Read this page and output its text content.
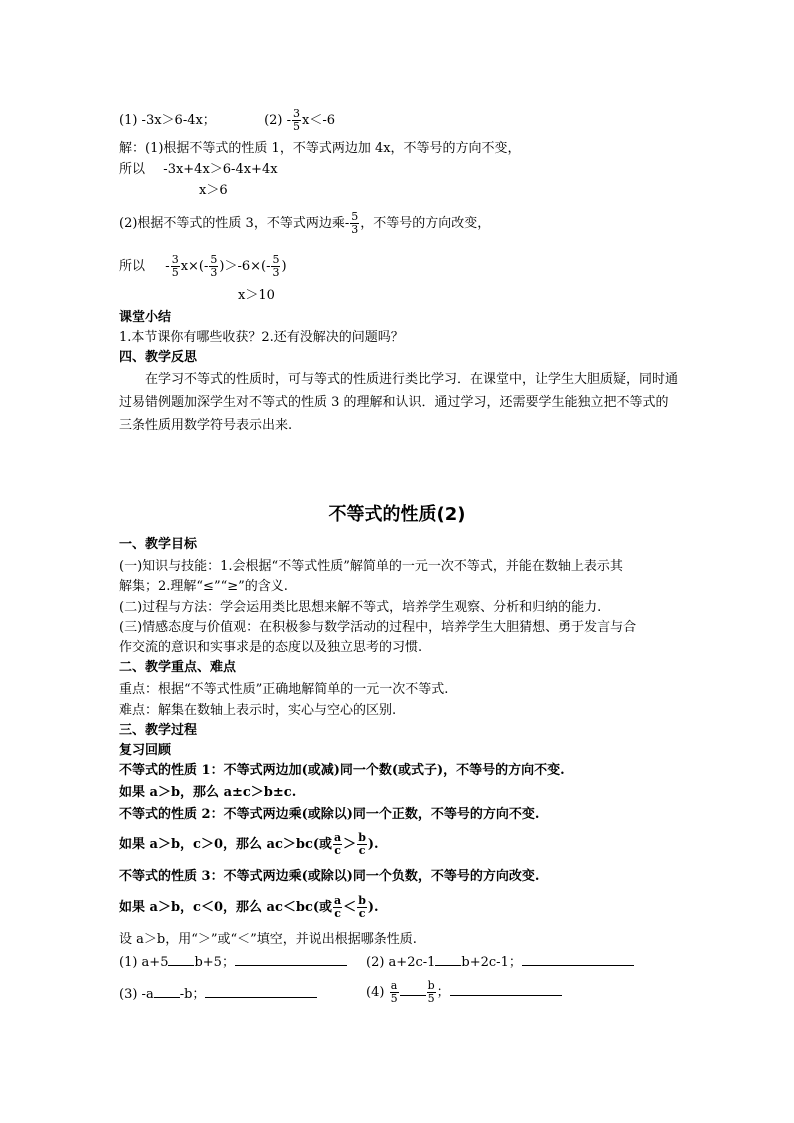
(1) -3x＞6-4x；	$(2) - \frac{3}{5} x<-6$
解：(1)根据不等式的性质 1，不等式两边加 4x，不等号的方向不变，
所以 -3x+4x＞6-4x+4x
x＞6
(2)根据不等式的性质 3，不等式两边乘- $\frac{5}{3}$ ，不等号的方向改变，
所以  - $\frac{3}{5} x\times(- \frac{5}{3} )>-6\times(- \frac{5}{3}$ )
x＞10
课堂小结
1.本节课你有哪些收获？2.还有没解决的问题吗？
四、教学反思
在学习不等式的性质时，可与等式的性质进行类比学习．在课堂中，让学生大胆质疑，同时通过易错例题加深学生对不等式的性质 3 的理解和认识．通过学习，还需要学生能独立把不等式的三条性质用数学符号表示出来.
不等式的性质(2)
一、教学目标
(一)知识与技能：1.会根据“不等式性质”解简单的一元一次不等式，并能在数轴上表示其
解集；2.理解“≤”“≥”的含义.
(二)过程与方法：学会运用类比思想来解不等式，培养学生观察、分析和归纳的能力.
(三)情感态度与价值观：在积极参与数学活动的过程中，培养学生大胆猜想、勇于发言与合
作交流的意识和实事求是的态度以及独立思考的习惯.
二、教学重点、难点
重点：根据“不等式性质”正确地解简单的一元一次不等式.
难点：解集在数轴上表示时，实心与空心的区别.
三、教学过程
复习回顾
不等式的性质 1：不等式两边加(或减)同一个数(或式子)，不等号的方向不变.
如果 a＞b，那么 a±c＞b±c.
不等式的性质 2：不等式两边乘(或除以)同一个正数，不等号的方向不变.
如果 a＞b，c＞0，那么 ac＞bc(或 $\frac{a}{c} > \frac{b}{c}$ ).
不等式的性质 3：不等式两边乘(或除以)同一个负数，不等号的方向改变.
如果 a＞b，c＜0，那么 ac＜bc(或 $\frac{a}{c} < \frac{b}{c}$ ).
设 a＞b，用“＞”或“＜”填空，并说出根据哪条性质.
(1) a+5 b+5；	(2) a+2c-1 b+2c-1；
(3) -a -b；	$(4) \frac{a}{5}$	$\frac{b}{5}$ ；
